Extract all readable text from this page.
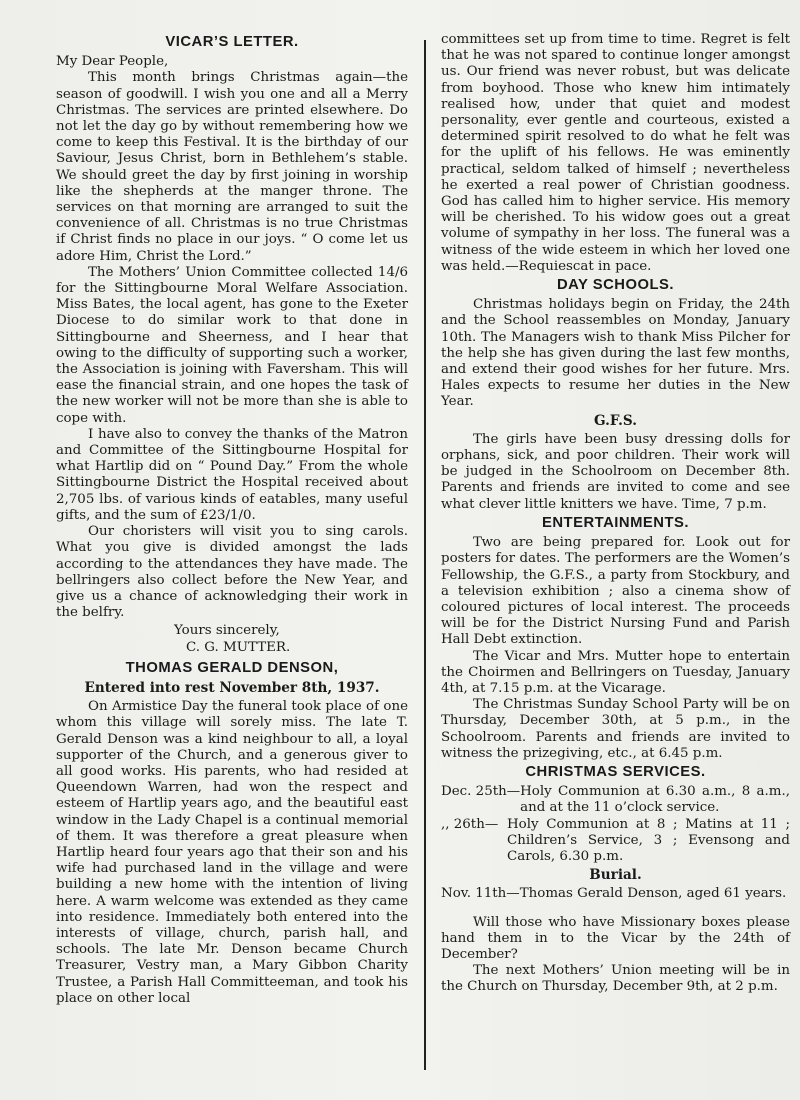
VICAR’S LETTER.

My Dear People,

This month brings Christmas again—the season of goodwill. I wish you one and all a Merry Christmas. The services are printed elsewhere. Do not let the day go by without remembering how we come to keep this Festival. It is the birthday of our Saviour, Jesus Christ, born in Bethlehem’s stable. We should greet the day by first joining in worship like the shepherds at the manger throne. The services on that morning are arranged to suit the convenience of all. Christmas is no true Christmas if Christ finds no place in our joys. “ O come let us adore Him, Christ the Lord.”

The Mothers’ Union Committee collected 14/6 for the Sittingbourne Moral Welfare Association. Miss Bates, the local agent, has gone to the Exeter Diocese to do similar work to that done in Sittingbourne and Sheerness, and I hear that owing to the difficulty of supporting such a worker, the Association is joining with Faversham. This will ease the financial strain, and one hopes the task of the new worker will not be more than she is able to cope with.

I have also to convey the thanks of the Matron and Committee of the Sittingbourne Hospital for what Hartlip did on “ Pound Day.” From the whole Sittingbourne District the Hospital received about 2,705 lbs. of various kinds of eatables, many useful gifts, and the sum of £23/1/0.

Our choristers will visit you to sing carols. What you give is divided amongst the lads according to the attendances they have made. The bellringers also collect before the New Year, and give us a chance of acknowledging their work in the belfry.

Yours sincerely,
C. G. MUTTER.
THOMAS GERALD DENSON,
Entered into rest November 8th, 1937.

On Armistice Day the funeral took place of one whom this village will sorely miss. The late T. Gerald Denson was a kind neighbour to all, a loyal supporter of the Church, and a generous giver to all good works. His parents, who had resided at Queendown Warren, had won the respect and esteem of Hartlip years ago, and the beautiful east window in the Lady Chapel is a continual memorial of them. It was therefore a great pleasure when Hartlip heard four years ago that their son and his wife had purchased land in the village and were building a new home with the intention of living here. A warm welcome was extended as they came into residence. Immediately both entered into the interests of village, church, parish hall, and schools. The late Mr. Denson became Church Treasurer, Vestry man, a Mary Gibbon Charity Trustee, a Parish Hall Committeeman, and took his place on other local

committees set up from time to time. Regret is felt that he was not spared to continue longer amongst us. Our friend was never robust, but was delicate from boyhood. Those who knew him intimately realised how, under that quiet and modest personality, ever gentle and courteous, existed a determined spirit resolved to do what he felt was for the uplift of his fellows. He was eminently practical, seldom talked of himself ; nevertheless he exerted a real power of Christian goodness. God has called him to higher service. His memory will be cherished. To his widow goes out a great volume of sympathy in her loss. The funeral was a witness of the wide esteem in which her loved one was held.—Requiescat in pace.

DAY SCHOOLS.

Christmas holidays begin on Friday, the 24th and the School reassembles on Monday, January 10th. The Managers wish to thank Miss Pilcher for the help she has given during the last few months, and extend their good wishes for her future. Mrs. Hales expects to resume her duties in the New Year.

G.F.S.

The girls have been busy dressing dolls for orphans, sick, and poor children. Their work will be judged in the Schoolroom on December 8th. Parents and friends are invited to come and see what clever little knitters we have. Time, 7 p.m.

ENTERTAINMENTS.

Two are being prepared for. Look out for posters for dates. The performers are the Women’s Fellowship, the G.F.S., a party from Stockbury, and a television exhibition ; also a cinema show of coloured pictures of local interest. The proceeds will be for the District Nursing Fund and Parish Hall Debt extinction.

The Vicar and Mrs. Mutter hope to entertain the Choirmen and Bellringers on Tuesday, January 4th, at 7.15 p.m. at the Vicarage.

The Christmas Sunday School Party will be on Thursday, December 30th, at 5 p.m., in the Schoolroom. Parents and friends are invited to witness the prizegiving, etc., at 6.45 p.m.

CHRISTMAS SERVICES.
Dec. 25th— Holy Communion at 6.30 a.m., 8 a.m., and at the 11 o’clock service.
,, 26th— Holy Communion at 8 ; Matins at 11 ; Children’s Service, 3 ; Evensong and Carols, 6.30 p.m.
Burial.
Nov. 11th— Thomas Gerald Denson, aged 61 years.

Will those who have Missionary boxes please hand them in to the Vicar by the 24th of December?

The next Mothers’ Union meeting will be in the Church on Thursday, December 9th, at 2 p.m.
